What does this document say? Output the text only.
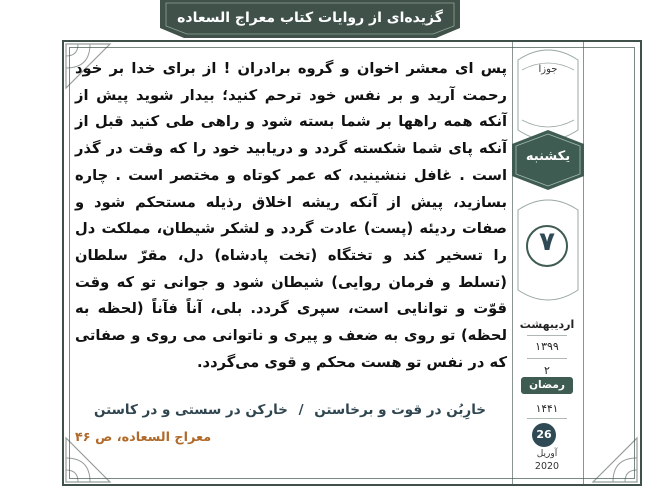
گزیده‌ای از روایات کتاب معراج السعاده
جوزا
یکشنبه
۷
اردیبهشت
۱۳۹۹
۲
رمضان
۱۴۴۱
26
آوریل
2020
پس ای معشر اخوان و گروه برادران ! از برای خدا بر خود رحمت آرید و بر نفس خود ترحم کنید؛ بیدار شوید پیش از آنکه همه راهها بر شما بسته شود و راهی طی کنید قبل از آنکه پای شما شکسته گردد و دریابید خود را که وقت در گذر است . غافل ننشینید، که عمر کوتاه و مختصر است . چاره بسازید، پیش از آنکه ریشه اخلاق رذیله مستحکم شود و صفات ردیئه (پست) عادت گردد و لشکر شیطان، مملکت دل را تسخیر کند و تختگاه (تخت پادشاه) دل، مقرّ سلطان (تسلط و فرمان روایی) شیطان شود و جوانی تو که وقت قوّت و توانایی است، سپری گردد. بلی، آناً فآناً (لحظه به لحظه) تو روی به ضعف و پیری و ناتوانی می روی و صفاتی که در نفس تو هست محکم و قوی می‌گردد.
خارِبُن در قوت و برخاستن / خارکن در سستی و در کاستن
معراج السعاده، ص ۴۶
